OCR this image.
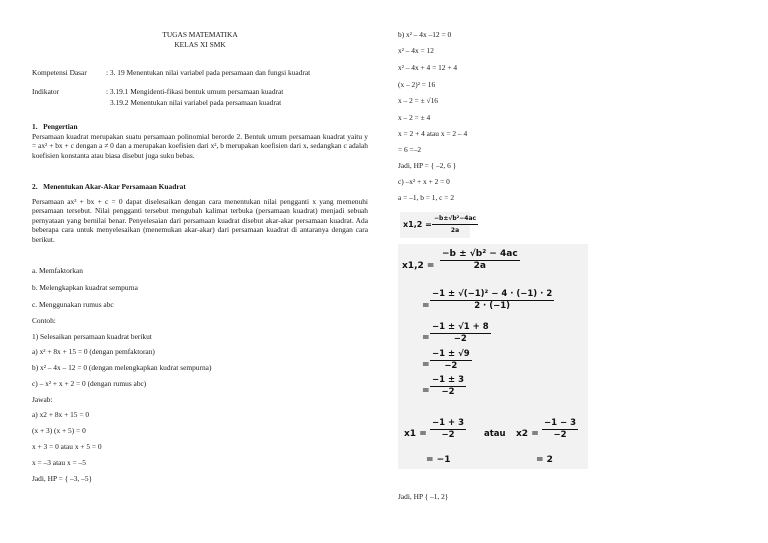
TUGAS MATEMATIKA
KELAS XI SMK
Kompetensi Dasar	: 3. 19 Menentukan nilai variabel pada persamaan dan fungsi kuadrat
Indikator	: 3.19.1 Mengidenti-fikasi bentuk umum persamaan kuadrat
3.19.2 Menentukan nilai variabel pada persamaan kuadrat
1. Pengertian
Persamaan kuadrat merupakan suatu persamaan polinomial berorde 2. Bentuk umum persamaan kuadrat yaitu y = ax² + bx + c dengan a ≠ 0 dan a merupakan koefisien dari x², b merupakan koefisien dari x, sedangkan c adalah koefisien konstanta atau biasa disebut juga suku bebas.
2. Menentukan Akar-Akar Persamaan Kuadrat
Persamaan ax² + bx + c = 0 dapat diselesaikan dengan cara menentukan nilai pengganti x yang memenuhi persamaan tersebut. Nilai pengganti tersebut mengubah kalimat terbuka (persamaan kuadrat) menjadi sebuah pernyataan yang bernilai benar. Penyelesaian dari persamaan kuadrat disebut akar-akar persamaan kuadrat. Ada beberapa cara untuk menyelesaikan (menemukan akar-akar) dari persamaan kuadrat di antaranya dengan cara berikut.
a. Memfaktorkan
b. Melengkapkan kuadrat sempurna
c. Menggunakan rumus abc
Contoh:
1) Selesaikan persamaan kuadrat berikut
a) x² + 8x + 15 = 0 (dengan pemfaktoran)
b) x² – 4x – 12 = 0 (dengan melengkapkan kudrat sempurna)
c) – x² + x + 2 = 0 (dengan rumus abc)
Jawab:
a) x2 + 8x + 15 = 0
(x + 3) (x + 5) = 0
x + 3 = 0 atau x + 5 = 0
x = –3 atau x = –5
Jadi, HP = { –3, –5}
b) x² – 4x –12 = 0
x² – 4x = 12
x² – 4x + 4 = 12 + 4
(x – 2)² = 16
x – 2 = ± √16
x – 2 = ± 4
x = 2 + 4 atau x = 2 – 4
= 6 =–2
Jadi, HP = { –2, 6 }
c) –x² + x + 2 = 0
a = –1, b = 1, c = 2
$x1,2 = \frac{\text{−b±√b²−4ac}}{2a}$
$x1,2 = \frac{\text{−b ± √b² − 4ac}}{2a}$
= $\frac{\text{−1 ± √(−1)² − 4 · (−1) · 2}}{2 \cdot (-1)}$
= $\frac{-1 \pm √1 + 8}{-2}$
= $\frac{-1 \pm √9}{-2}$
= $\frac{-1 \pm 3}{-2}$
$x1 = \frac{-1 + 3}{-2}$ atau $x2 = \frac{-1 - 3}{-2}$
= −1	= 2
Jadi, HP { –1, 2}
